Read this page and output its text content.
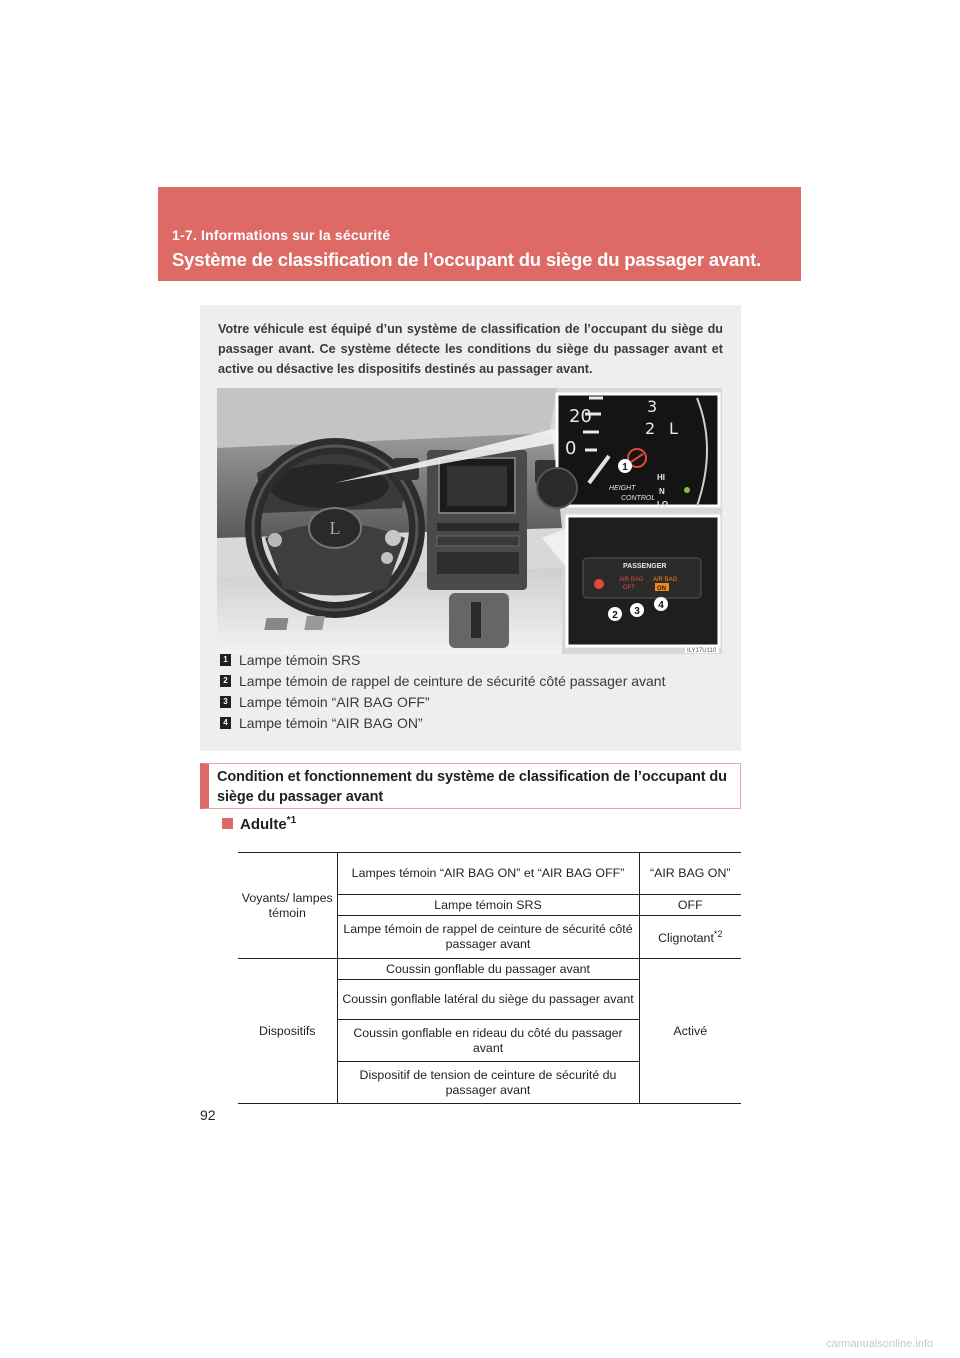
1-7. Informations sur la sécurité
Système de classification de l’occupant du siège du passager avant.

Votre véhicule est équipé d’un système de classification de l’occupant du siège du passager avant. Ce système détecte les conditions du siège du passager avant et active ou désactive les dispositifs destinés au passager avant.

L
20
0
3
2 L
1
HEIGHT
CONTROL
HI
N
LO
PASSENGER
AIR BAG
OFF
AIR BAG
ON
2 3
4
ILY17U110
1 Lampe témoin SRS
2 Lampe témoin de rappel de ceinture de sécurité côté passager avant
3 Lampe témoin “AIR BAG OFF”
4 Lampe témoin “AIR BAG ON”
Condition et fonctionnement du système de classification de l’occupant du siège du passager avant
Adulte$^{*1}$
Voyants/ lampes témoin	Lampes témoin “AIR BAG ON” et “AIR BAG OFF”	“AIR BAG ON”
	Lampe témoin SRS	OFF
	Lampe témoin de rappel de ceinture de sécurité côté passager avant	Clignotant$^{*2}$
Dispositifs	Coussin gonflable du passager avant	Activé
	Coussin gonflable latéral du siège du passager avant	
	Coussin gonflable en rideau du côté du passager avant	
	Dispositif de tension de ceinture de sécurité du passager avant	
92
carmanualsonline.info
